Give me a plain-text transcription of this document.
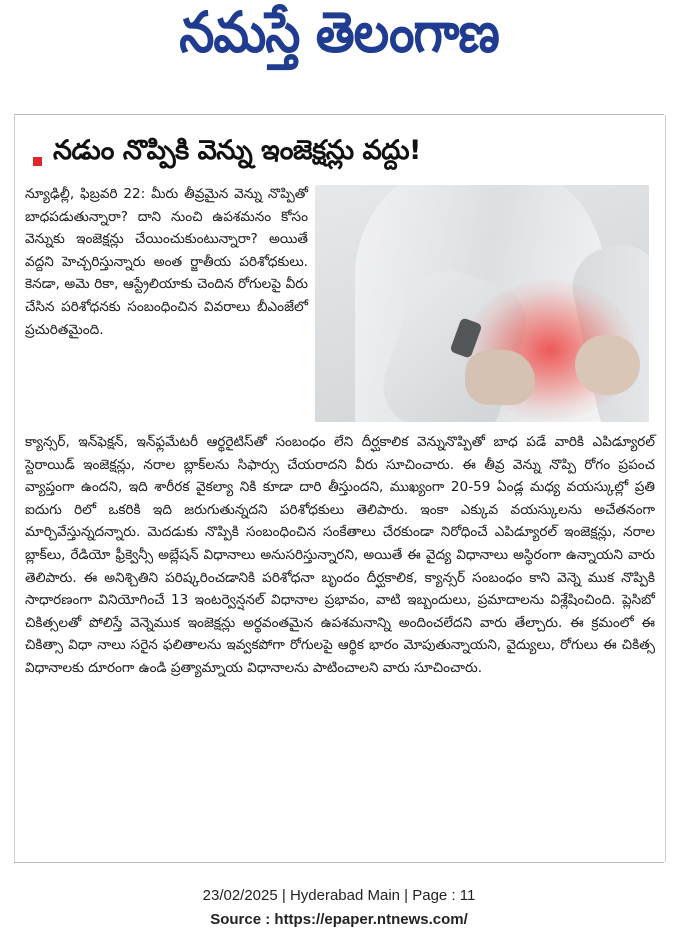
నమస్తే తెలంగాణ
నడుం నొప్పికి వెన్ను ఇంజెక్షన్లు వద్దు!

న్యూఢిల్లీ, ఫిబ్రవరి 22: మీరు తీవ్రమైన వెన్ను నొప్పితో బాధపడుతున్నారా? దాని నుంచి ఉపశమనం కోసం వెన్నుకు ఇంజెక్షన్లు చేయించుకుంటున్నారా? అయితే వద్దని హెచ్చరిస్తున్నారు అంత ర్జాతీయ పరిశోధకులు. కెనడా, అమె రికా, ఆస్ట్రేలియాకు చెందిన రోగులపై వీరు చేసిన పరిశోధనకు సంబంధించిన వివరాలు బీఎంజేలో ప్రచురితమైంది.

క్యాన్సర్, ఇన్‌ఫెక్షన్, ఇన్‌ఫ్లమేటరీ ఆర్థరైటిస్‌తో సంబంధం లేని దీర్ఘకాలిక వెన్నునొప్పితో బాధ పడే వారికి ఎపిడ్యూరల్ స్టెరాయిడ్ ఇంజెక్షన్లు, నరాల బ్లాక్‌లను సిఫార్సు చేయరాదని వీరు సూచించారు. ఈ తీవ్ర వెన్ను నొప్పి రోగం ప్రపంచ వ్యాప్తంగా ఉందని, ఇది శారీరక వైకల్యా నికి కూడా దారి తీస్తుందని, ముఖ్యంగా 20-59 ఏండ్ల మధ్య వయస్కుల్లో ప్రతి ఐదుగు రిలో ఒకరికి ఇది జరుగుతున్నదని పరిశోధకులు తెలిపారు. ఇంకా ఎక్కువ వయస్కులను అచేతనంగా మార్చివేస్తున్నదన్నారు. మెదడుకు నొప్పికి సంబంధించిన సంకేతాలు చేరకుండా నిరోధించే ఎపిడ్యూరల్ ఇంజెక్షన్లు, నరాల బ్లాక్‌లు, రేడియో ఫ్రీక్వెన్సీ అబ్లేషన్ విధానాలు అనుసరిస్తున్నారని, అయితే ఈ వైద్య విధానాలు అస్థిరంగా ఉన్నాయని వారు తెలిపారు. ఈ అనిశ్చితిని పరిష్కరించడానికి పరిశోధనా బృందం దీర్ఘకాలిక, క్యాన్సర్ సంబంధం కాని వెన్నె ముక నొప్పికి సాధారణంగా వినియోగించే 13 ఇంటర్వెన్షనల్ విధానాల ప్రభావం, వాటి ఇబ్బందులు, ప్రమాదాలను విశ్లేషించింది. ప్లెసిబో చికిత్సలతో పోలిస్తే వెన్నెముక ఇంజెక్షన్లు అర్థవంతమైన ఉపశమనాన్ని అందించలేదని వారు తేల్చారు. ఈ క్రమంలో ఈ చికిత్సా విధా నాలు సరైన ఫలితాలను ఇవ్వకపోగా రోగులపై ఆర్థిక భారం మోపుతున్నాయని, వైద్యులు, రోగులు ఈ చికిత్స విధానాలకు దూరంగా ఉండి ప్రత్యామ్నాయ విధానాలను పాటించాలని వారు సూచించారు.

23/02/2025 | Hyderabad Main | Page : 11
Source : https://epaper.ntnews.com/
